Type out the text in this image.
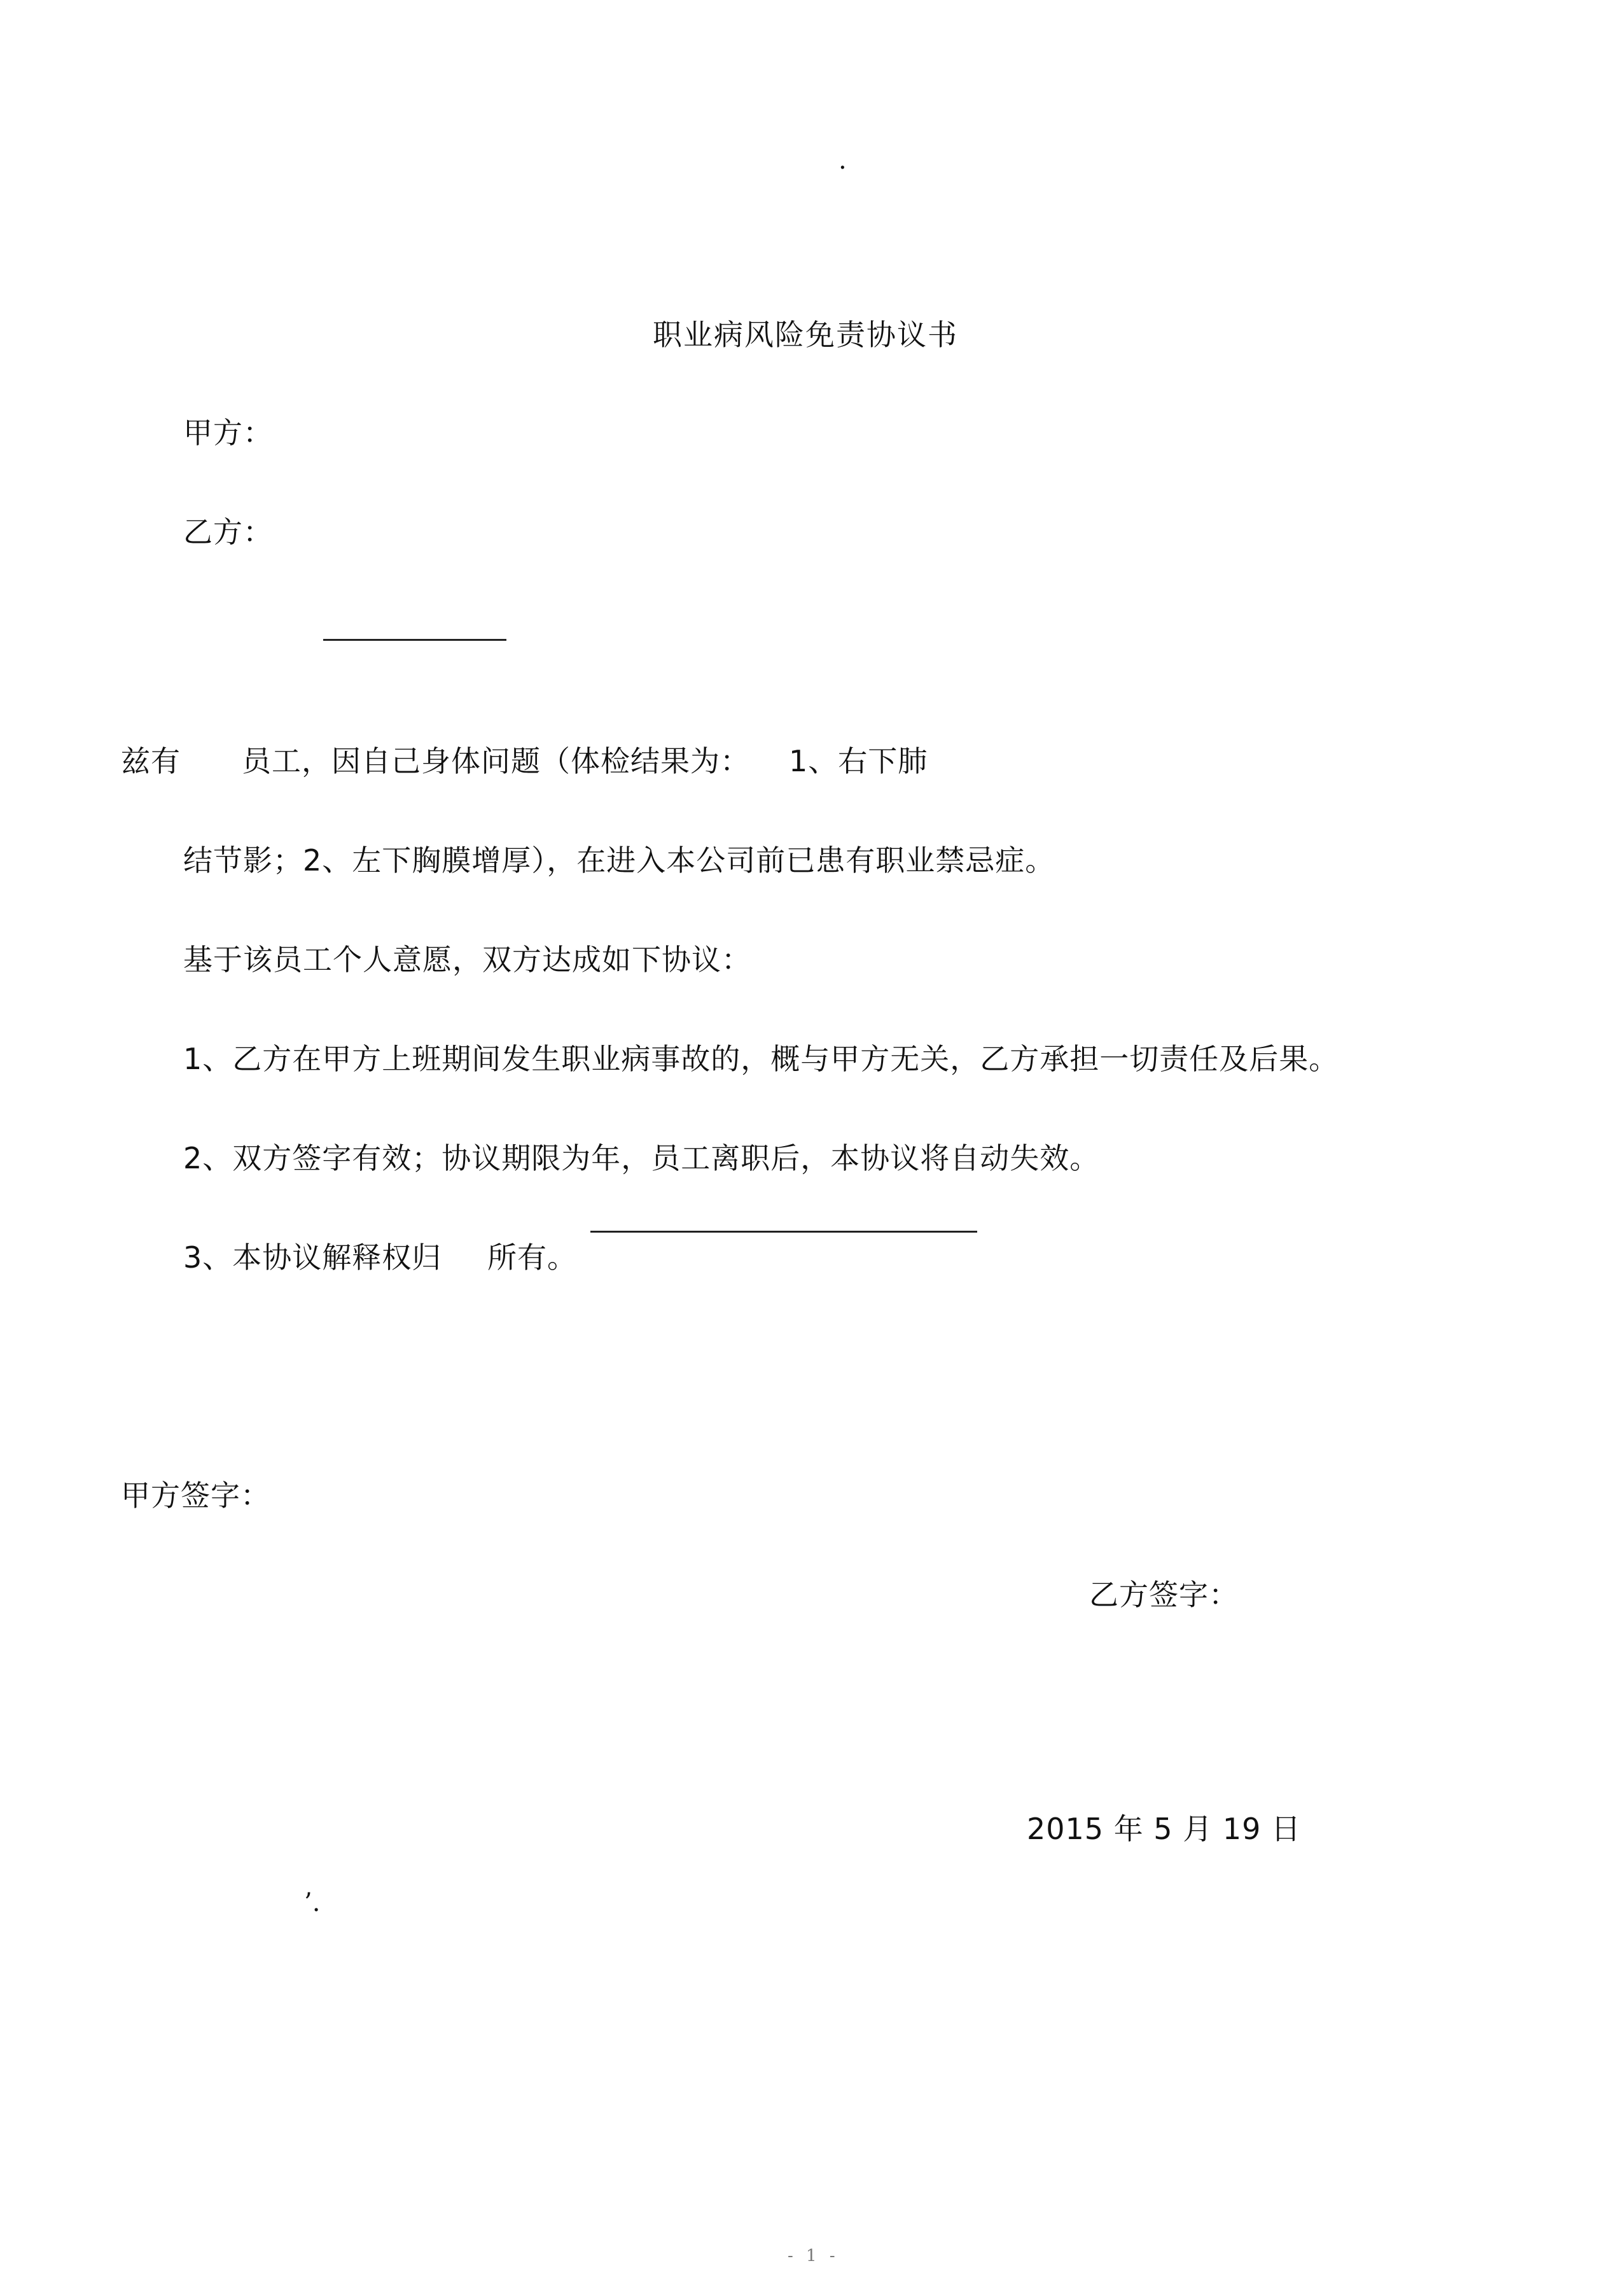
.
职业病风险免责协议书
甲方：
乙方：
兹有 员工，因自己身体问题（体检结果为： 1、右下肺
结节影；2、左下胸膜增厚），在进入本公司前已患有职业禁忌症。
基于该员工个人意愿，双方达成如下协议：
1、乙方在甲方上班期间发生职业病事故的，概与甲方无关，乙方承担一切责任及后果。
2、双方签字有效；协议期限为年，员工离职后，本协议将自动失效。
3、本协议解释权归 所有。
甲方签字：
乙方签字：
2015 年 5 月 19 日
’.
- 1 -
